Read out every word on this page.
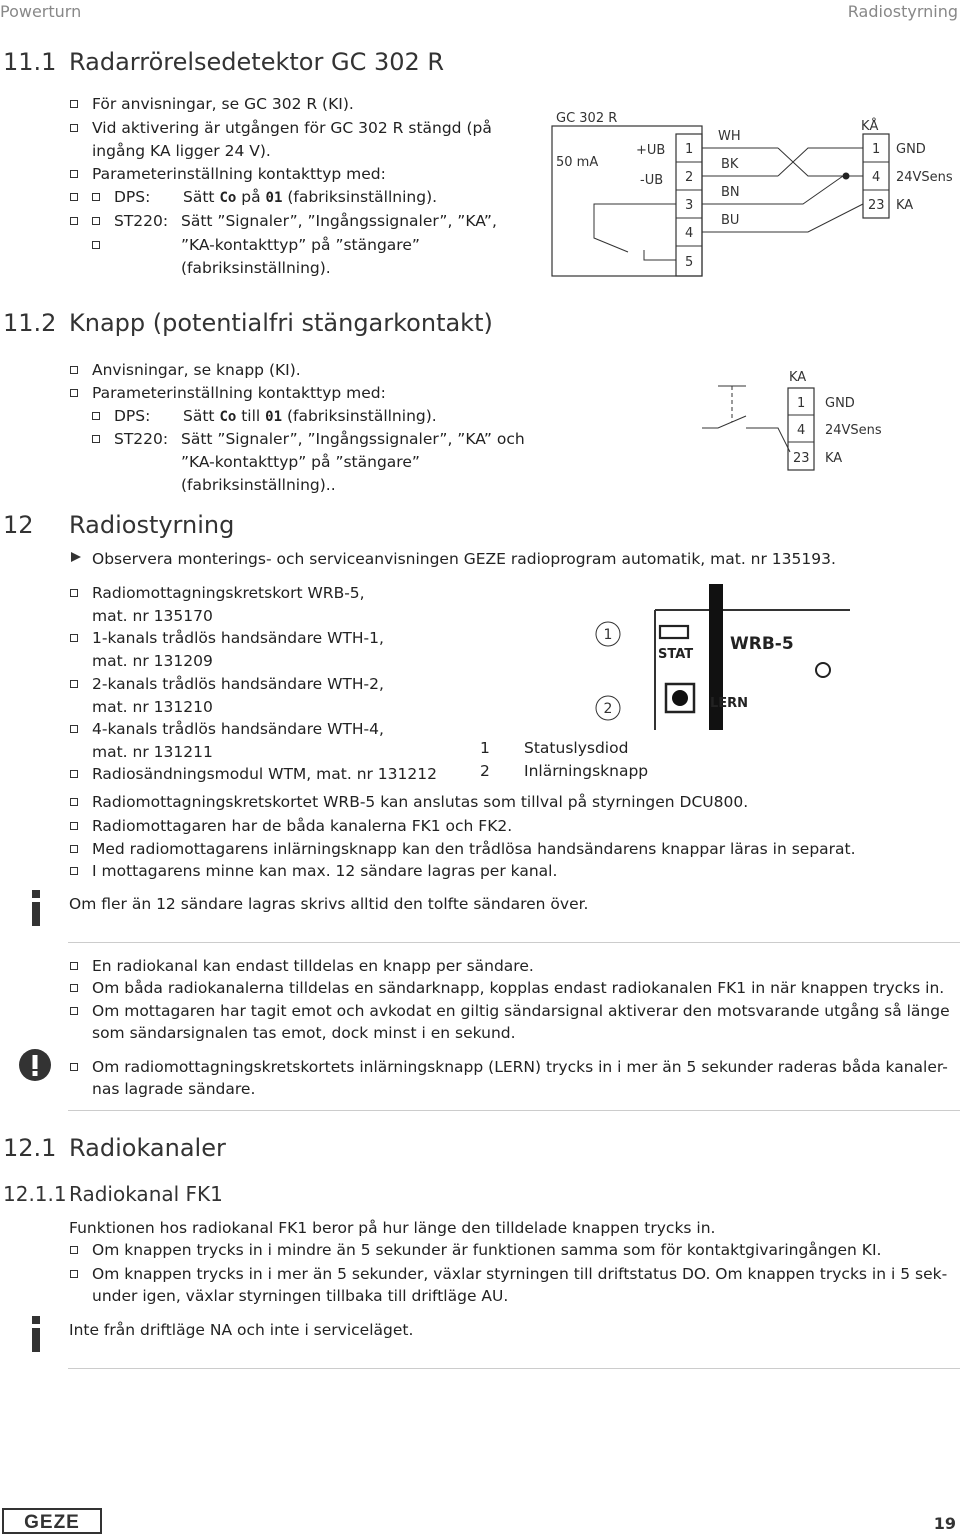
Powerturn	Radiostyrning
11.1 Radarrörelsedetektor GC 302 R
För anvisningar, se GC 302 R (KI).
Vid aktivering är utgången för GC 302 R stängd (på
ingång KA ligger 24 V).
Parameterinställning kontakttyp med:
DPS: Sätt Co på 01 (fabriksinställning).
ST220: Sätt ”Signaler”, ”Ingångssignaler”, ”KA”,
”KA-kontakttyp” på ”stängare”
(fabriksinställning).
GC 302 R
50 mA
+UB
-UB
1
2
3
4
5
WH
BK
BN
BU
KÅ
1
4
23
GND
24VSens
KA
11.2 Knapp (potentialfri stängarkontakt)
Anvisningar, se knapp (KI).
Parameterinställning kontakttyp med:
DPS: Sätt Co till 01 (fabriksinställning).
ST220: Sätt ”Signaler”, ”Ingångssignaler”, ”KA” och
”KA-kontakttyp” på ”stängare”
(fabriksinställning)..
KA
1
4
23
GND
24VSens
KA
12 Radiostyrning
Observera monterings- och serviceanvisningen GEZE radioprogram automatik, mat. nr 135193.
Radiomottagningskretskort WRB-5,
mat. nr 135170
1-kanals trådlös handsändare WTH-1,
mat. nr 131209
2-kanals trådlös handsändare WTH-2,
mat. nr 131210
4-kanals trådlös handsändare WTH-4,
mat. nr 131211
Radiosändningsmodul WTM, mat. nr 131212
1 Statuslysdiod
2 Inlärningsknapp
1
2
STAT
WRB-5
LERN
Radiomottagningskretskortet WRB-5 kan anslutas som tillval på styrningen DCU800.
Radiomottagaren har de båda kanalerna FK1 och FK2.
Med radiomottagarens inlärningsknapp kan den trådlösa handsändarens knappar läras in separat.
I mottagarens minne kan max. 12 sändare lagras per kanal.
Om fler än 12 sändare lagras skrivs alltid den tolfte sändaren över.
En radiokanal kan endast tilldelas en knapp per sändare.
Om båda radiokanalerna tilldelas en sändarknapp, kopplas endast radiokanalen FK1 in när knappen trycks in.
Om mottagaren har tagit emot och avkodat en giltig sändarsignal aktiverar den motsvarande utgång så länge
som sändarsignalen tas emot, dock minst i en sekund.
Om radiomottagningskretskortets inlärningsknapp (LERN) trycks in i mer än 5 sekunder raderas båda kanaler-
nas lagrade sändare.
12.1 Radiokanaler
12.1.1 Radiokanal FK1
Funktionen hos radiokanal FK1 beror på hur länge den tilldelade knappen trycks in.
Om knappen trycks in i mindre än 5 sekunder är funktionen samma som för kontaktgivaringången KI.
Om knappen trycks in i mer än 5 sekunder, växlar styrningen till driftstatus DO. Om knappen trycks in i 5 sek-
under igen, växlar styrningen tillbaka till driftläge AU.
Inte från driftläge NA och inte i serviceläget.
GEZE	19
